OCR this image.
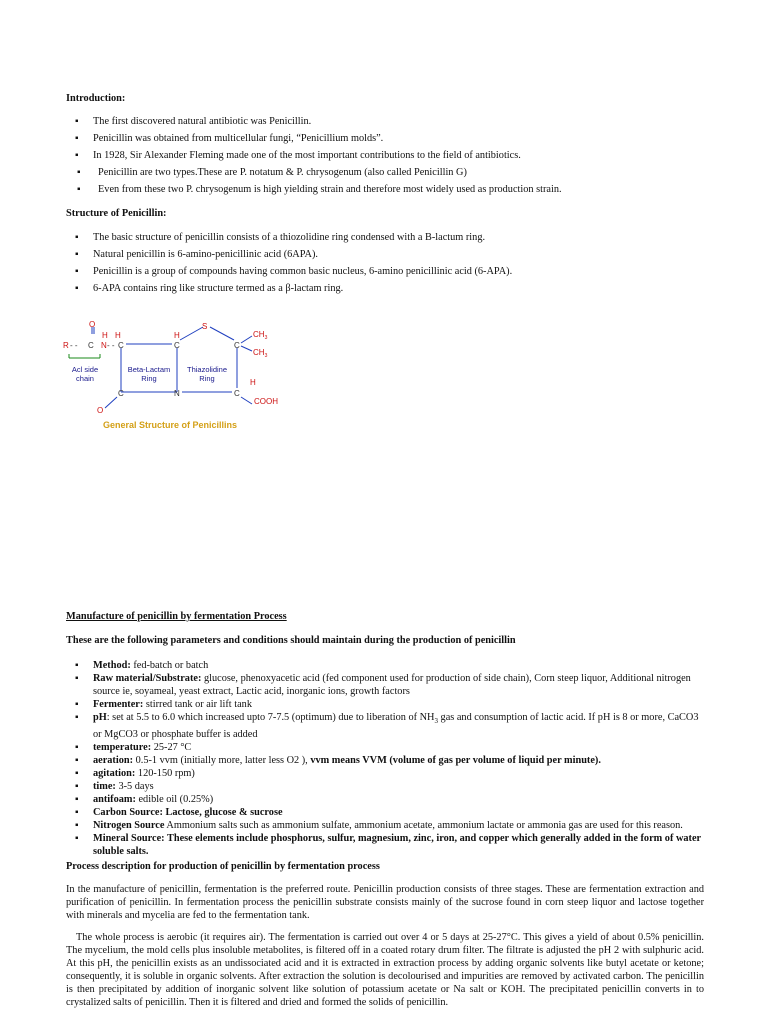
Introduction:
▪ The first discovered natural antibiotic was Penicillin.
▪ Penicillin was obtained from multicellular fungi, “Penicillium molds”.
▪ In 1928, Sir Alexander Fleming made one of the most important contributions to the field of antibiotics.
▪ Penicillin are two types.These are P. notatum & P. chrysogenum (also called Penicillin G)
▪ Even from these two P. chrysogenum is high yielding strain and therefore most widely used as production strain.
Structure of Penicillin:
▪ The basic structure of penicillin consists of a thiozolidine ring condensed with a B-lactum ring.
▪ Natural penicillin is 6-amino-penicillinic acid (6APA).
▪ Penicillin is a group of compounds having common basic nucleus, 6-amino penicillinic acid (6-APA).
▪ 6-APA contains ring like structure termed as a β-lactam ring.
O
H H	H
R	N
S
$CH_3$
$CH_3$
H
COOH
O
- -	- -
C	C	C	C
C	N	C
Acl side
chain
Beta-Lactam
Ring
Thiazolidine
Ring
General Structure of Penicillins
Manufacture of penicillin by fermentation Process
These are the following parameters and conditions should maintain during the production of penicillin
▪ Method: fed-batch or batch
▪ Raw material/Substrate: glucose, phenoxyacetic acid (fed component used for production of side chain), Corn steep liquor, Additional nitrogen source ie, soyameal, yeast extract, Lactic acid, inorganic ions, growth factors
▪ Fermenter: stirred tank or air lift tank
▪ pH: set at 5.5 to 6.0 which increased upto 7-7.5 (optimum) due to liberation of $NH_3$ gas and consumption of lactic acid. If pH is 8 or more, CaCO3 or MgCO3 or phosphate buffer is added
▪ temperature: 25-27 °C
▪ aeration: 0.5-1 vvm (initially more, latter less O2 ), vvm means VVM (volume of gas per volume of liquid per minute).
▪ agitation: 120-150 rpm)
▪ time: 3-5 days
▪ antifoam: edible oil (0.25%)
▪ Carbon Source: Lactose, glucose & sucrose
▪ Nitrogen Source Ammonium salts such as ammonium sulfate, ammonium acetate, ammonium lactate or ammonia gas are used for this reason.
▪ Mineral Source: These elements include phosphorus, sulfur, magnesium, zinc, iron, and copper which generally added in the form of water soluble salts.
Process description for production of penicillin by fermentation process

In the manufacture of penicillin, fermentation is the preferred route. Penicillin production consists of three stages. These are fermentation extraction and purification of penicillin. In fermentation process the penicillin substrate consists mainly of the sucrose found in corn steep liquor and lactose together with minerals and mycelia are fed to the fermentation tank.

The whole process is aerobic (it requires air). The fermentation is carried out over 4 or 5 days at 25-27°C. This gives a yield of about 0.5% penicillin. The mycelium, the mold cells plus insoluble metabolites, is filtered off in a coated rotary drum filter. The filtrate is adjusted the pH 2 with sulphuric acid. At this pH, the penicillin exists as an undissociated acid and it is extracted in extraction process by adding organic solvents like butyl acetate or ketone; consequently, it is soluble in organic solvents. After extraction the solution is decolourised and impurities are removed by activated carbon. The penicillin is then precipitated by addition of inorganic solvent like solution of potassium acetate or Na salt or KOH. The precipitated penicillin converts in to crystalized salts of penicillin. Then it is filtered and dried and formed the solids of penicillin.
